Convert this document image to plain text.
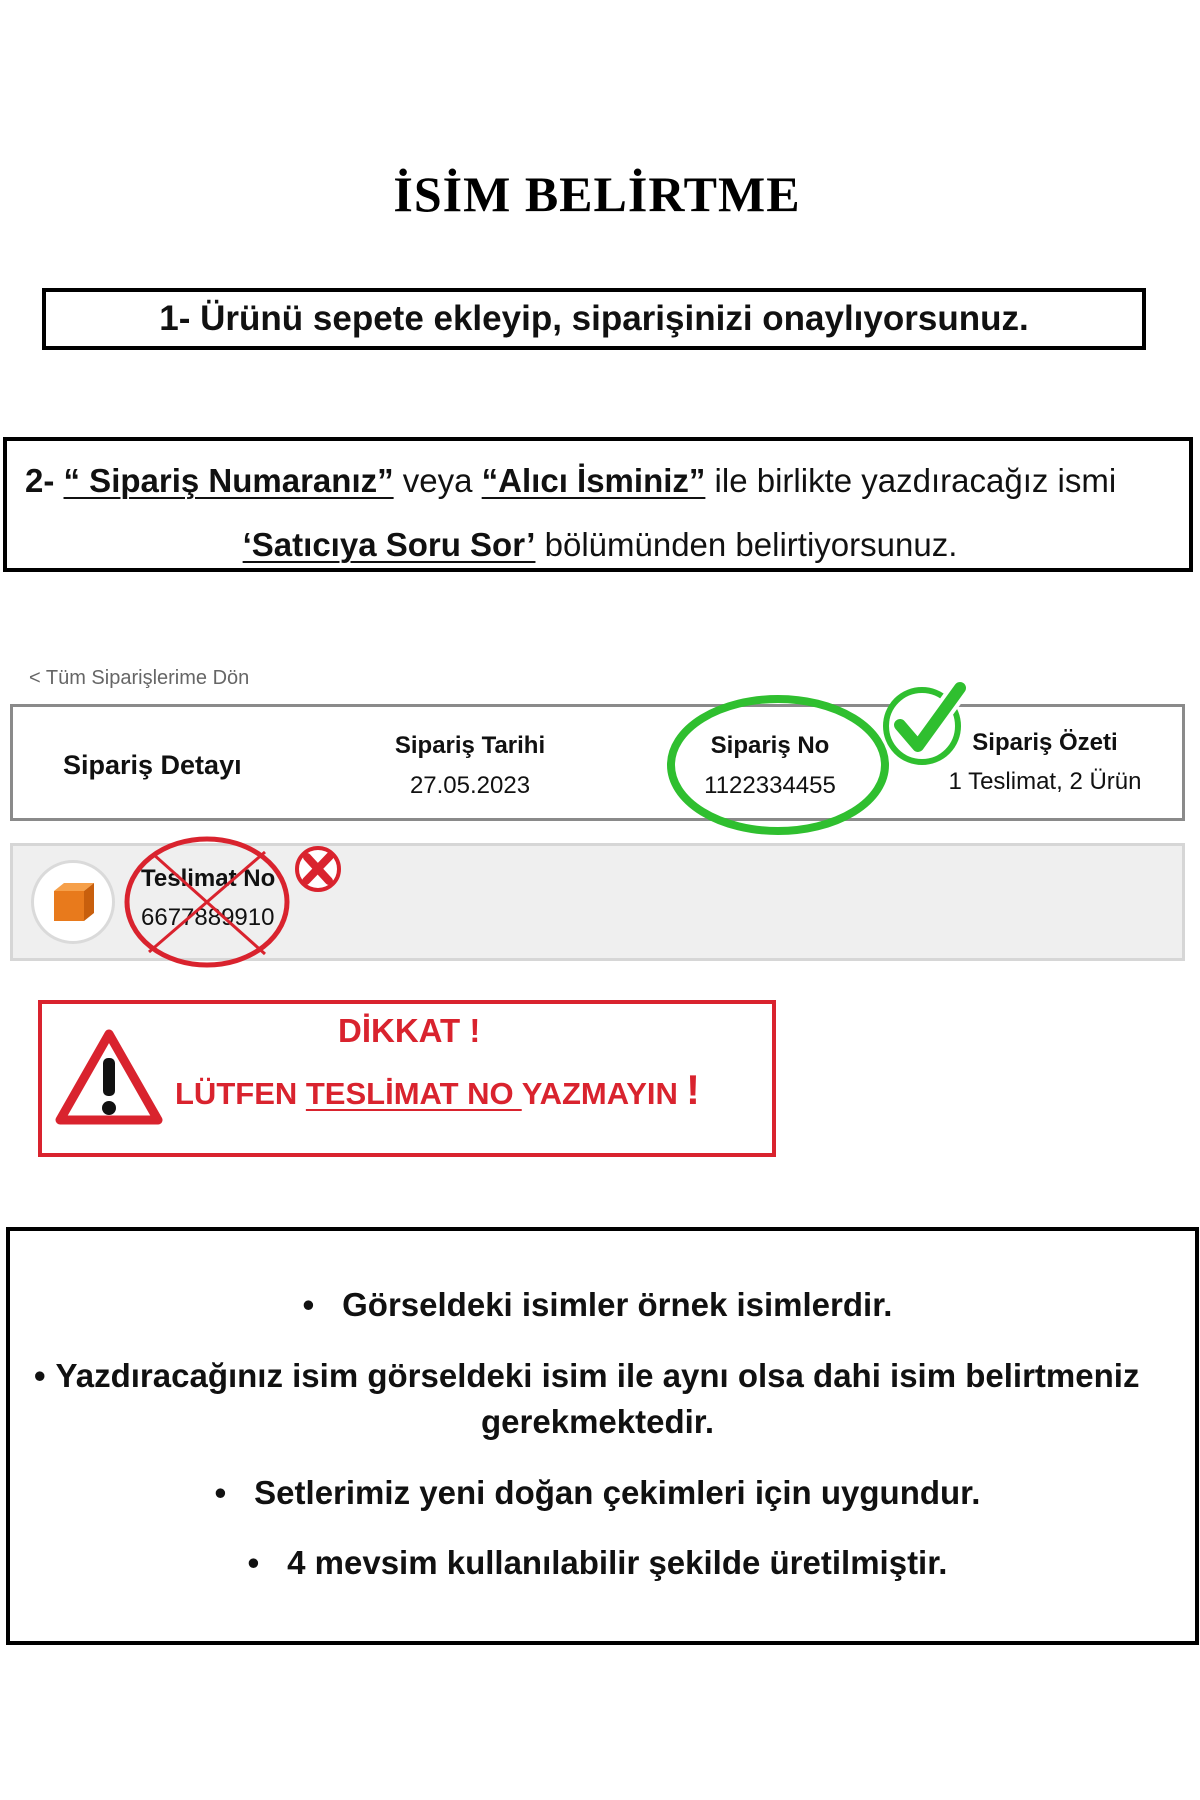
İSİM BELİRTME
1- Ürünü sepete ekleyip, siparişinizi onaylıyorsunuz.
2- “ Sipariş Numaranız” veya “Alıcı İsminiz” ile birlikte yazdıracağız ismi
‘Satıcıya Soru Sor’ bölümünden belirtiyorsunuz.
< Tüm Siparişlerime Dön
Sipariş Detayı
Sipariş Tarihi
27.05.2023
Sipariş No
1122334455
Sipariş Özeti
1 Teslimat, 2 Ürün
Teslimat No
6677889910
DİKKAT !
LÜTFEN TESLİMAT NO YAZMAYIN !
• Görseldeki isimler örnek isimlerdir.
• Yazdıracağınız isim görseldeki isim ile aynı olsa dahi isim belirtmeniz gerekmektedir.
• Setlerimiz yeni doğan çekimleri için uygundur.
• 4 mevsim kullanılabilir şekilde üretilmiştir.
